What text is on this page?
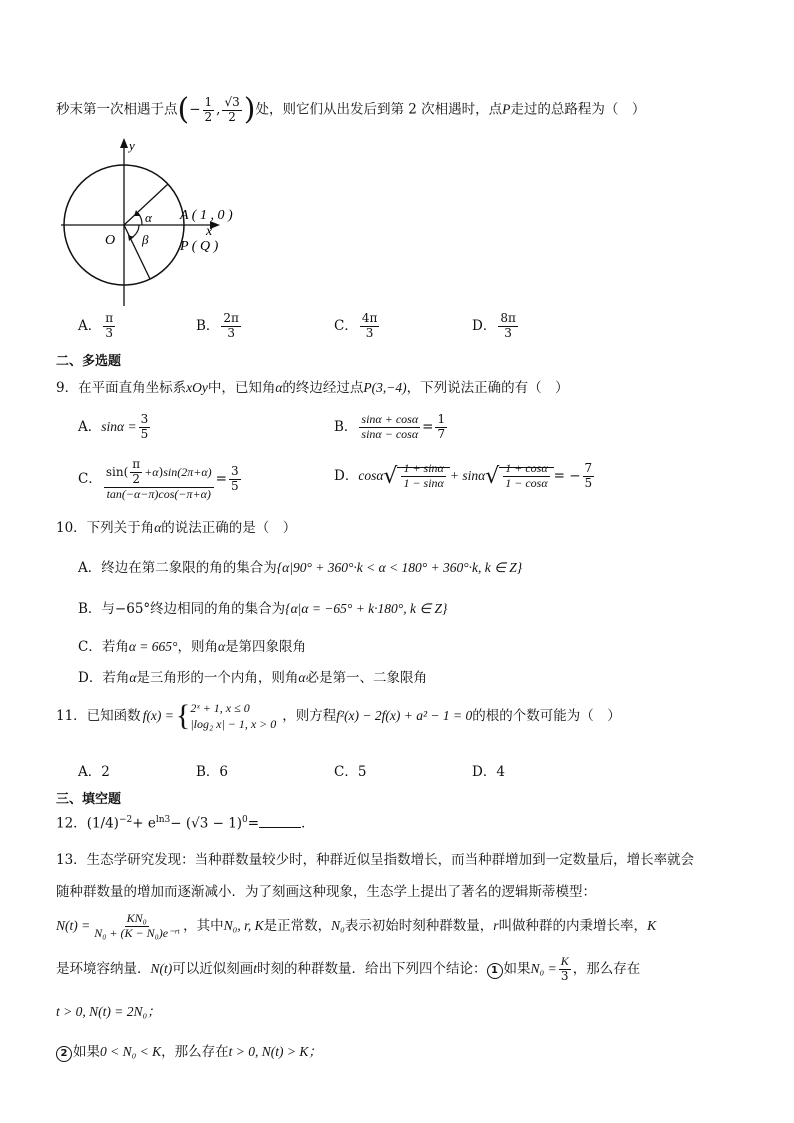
秒末第一次相遇于点(− $\frac{1}{2}$ , $\frac{√3}{2}$ )处，则它们从出发后到第 2 次相遇时，点P走过的总路程为（　）
y
x
O
α
β
A ( 1 , 0 )
P ( Q )
A． $\frac{\pi}{3}$	B． $\frac{2\pi}{3}$	C． $\frac{4\pi}{3}$	D． $\frac{8\pi}{3}$
二、多选题
9．在平面直角坐标系xOy中，已知角α的终边经过点P(3,−4)，下列说法正确的有（　）
A．$\sin\alpha = \frac{3}{5}$	B． $\frac{\sin\alpha + \cos\alpha}{\sin\alpha - \cos\alpha} = \frac{1}{7}$
C． $\frac{\sin( \frac{\pi}{2} +\alpha)\sin(2\pi+\alpha)}{\tan(-\alpha-\pi)\cos(-\pi+\alpha)} = \frac{3}{5}$	D．$\cos\alpha√ \frac{1 + \sin\alpha}{1 - \sin\alpha} + \sin\alpha√ \frac{1 + \cos\alpha}{1 - \cos\alpha}$ = − $\frac{7}{5}$
10．下列关于角α的说法正确的是（　）
A．终边在第二象限的角的集合为{α|90° + 360°·k < α < 180° + 360°·k, k ∈ Z}
B．与−65°终边相同的角的集合为{α|α = −65° + k·180°, k ∈ Z}
C．若角α = 665°，则角α是第四象限角
D．若角α是三角形的一个内角，则角α必是第一、二象限角
11．已知函数 f(x) = { 2ˣ + 1, x ≤ 0
|log₂ x| − 1, x > 0
，则方程 f²(x) − 2f(x) + a² − 1 = 0 的根的个数可能为（　）
A．2	B．6	C．5	D．4
三、填空题
12．$(1/4)^{-2}+ e^{ln3}- (√3 - 1)^0=$	．
13．生态学研究发现：当种群数量较少时，种群近似呈指数增长，而当种群增加到一定数量后，增长率就会
随种群数量的增加而逐渐减小．为了刻画这种现象，生态学上提出了著名的逻辑斯蒂模型：
$N(t) = \frac{\text{KN₀}}{\text{N₀ + (K − N₀)e⁻ʳᵗ}}$ ，其中N₀, r, K是正常数，N₀表示初始时刻种群数量，r叫做种群的内秉增长率，K
是环境容纳量．N(t)可以近似刻画t时刻的种群数量．给出下列四个结论： 1 如果$N_0 = \frac{K}{3}$ ，那么存在
t > 0, N(t) = 2N₀；
2 如果0 < N₀ < K，那么存在t > 0, N(t) > K；
